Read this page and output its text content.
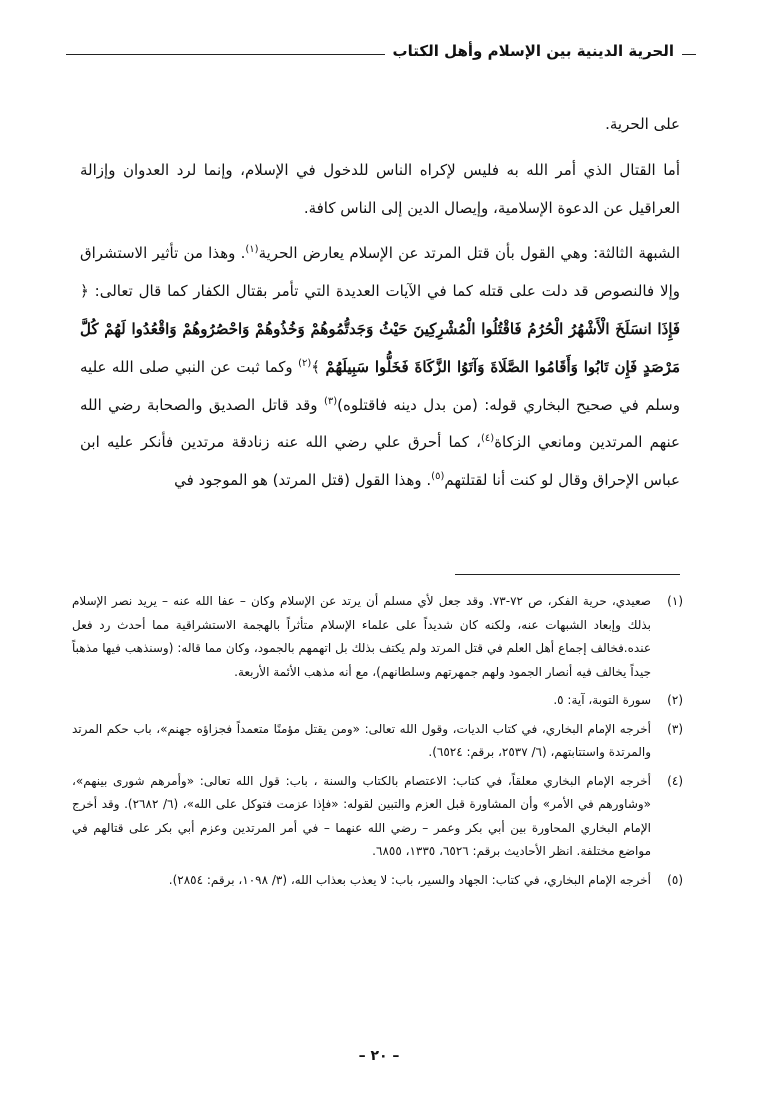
الحرية الدينية بين الإسلام وأهل الكتاب

على الحرية.

أما القتال الذي أمر الله به فليس لإكراه الناس للدخول في الإسلام، وإنما لرد العدوان وإزالة العراقيل عن الدعوة الإسلامية، وإيصال الدين إلى الناس كافة.

الشبهة الثالثة: وهي القول بأن قتل المرتد عن الإسلام يعارض الحرية$^{(١)}$. وهذا من تأثير الاستشراق وإلا فالنصوص قد دلت على قتله كما في الآيات العديدة التي تأمر بقتال الكفار كما قال تعالى: ﴿ فَإِذَا انسَلَخَ الْأَشْهُرُ الْحُرُمُ فَاقْتُلُوا الْمُشْرِكِينَ حَيْثُ وَجَدتُّمُوهُمْ وَخُذُوهُمْ وَاحْصُرُوهُمْ وَاقْعُدُوا لَهُمْ كُلَّ مَرْصَدٍ فَإِن تَابُوا وَأَقَامُوا الصَّلَاةَ وَآتَوُا الزَّكَاةَ فَخَلُّوا سَبِيلَهُمْ ﴾$^{(٢)}$ وكما ثبت عن النبي صلى الله عليه وسلم في صحيح البخاري قوله: (من بدل دينه فاقتلوه)$^{(٣)}$ وقد قاتل الصديق والصحابة رضي الله عنهم المرتدين ومانعي الزكاة$^{(٤)}$، كما أحرق علي رضي الله عنه زنادقة مرتدين فأنكر عليه ابن عباس الإحراق وقال لو كنت أنا لقتلتهم$^{(٥)}$. وهذا القول (قتل المرتد) هو الموجود في

(١)
صعيدي، حرية الفكر، ص ٧٢-٧٣. وقد جعل لأي مسلم أن يرتد عن الإسلام وكان – عفا الله عنه – يريد نصر الإسلام بذلك وإبعاد الشبهات عنه، ولكنه كان شديداً على علماء الإسلام متأثراً بالهجمة الاستشراقية مما أحدث رد فعل عنده.فخالف إجماع أهل العلم في قتل المرتد ولم يكتف بذلك بل اتهمهم بالجمود، وكان مما قاله: (وسنذهب فيها مذهباً جيداً يخالف فيه أنصار الجمود ولهم جمهرتهم وسلطانهم)، مع أنه مذهب الأئمة الأربعة.
(٢)
سورة التوبة، آية: ٥.
(٣)
أخرجه الإمام البخاري، في كتاب الديات، وقول الله تعالى: «ومن يقتل مؤمنًا متعمداً فجزاؤه جهنم»، باب حكم المرتد والمرتدة واستتابتهم، (٦/ ٢٥٣٧، برقم: ٦٥٢٤).
(٤)
أخرجه الإمام البخاري معلقاً، في كتاب: الاعتصام بالكتاب والسنة ، باب: قول الله تعالى: «وأمرهم شورى بينهم»، «وشاورهم في الأمر» وأن المشاورة قبل العزم والتبين لقوله: «فإذا عزمت فتوكل على الله»، (٦/ ٢٦٨٢). وقد أخرج الإمام البخاري المحاورة بين أبي بكر وعمر – رضي الله عنهما – في أمر المرتدين وعزم أبي بكر على قتالهم في مواضع مختلفة. انظر الأحاديث برقم: ٦٥٢٦، ١٣٣٥، ٦٨٥٥.
(٥)
أخرجه الإمام البخاري، في كتاب: الجهاد والسير، باب: لا يعذب بعذاب الله، (٣/ ١٠٩٨، برقم: ٢٨٥٤).
– ٢٠ –
